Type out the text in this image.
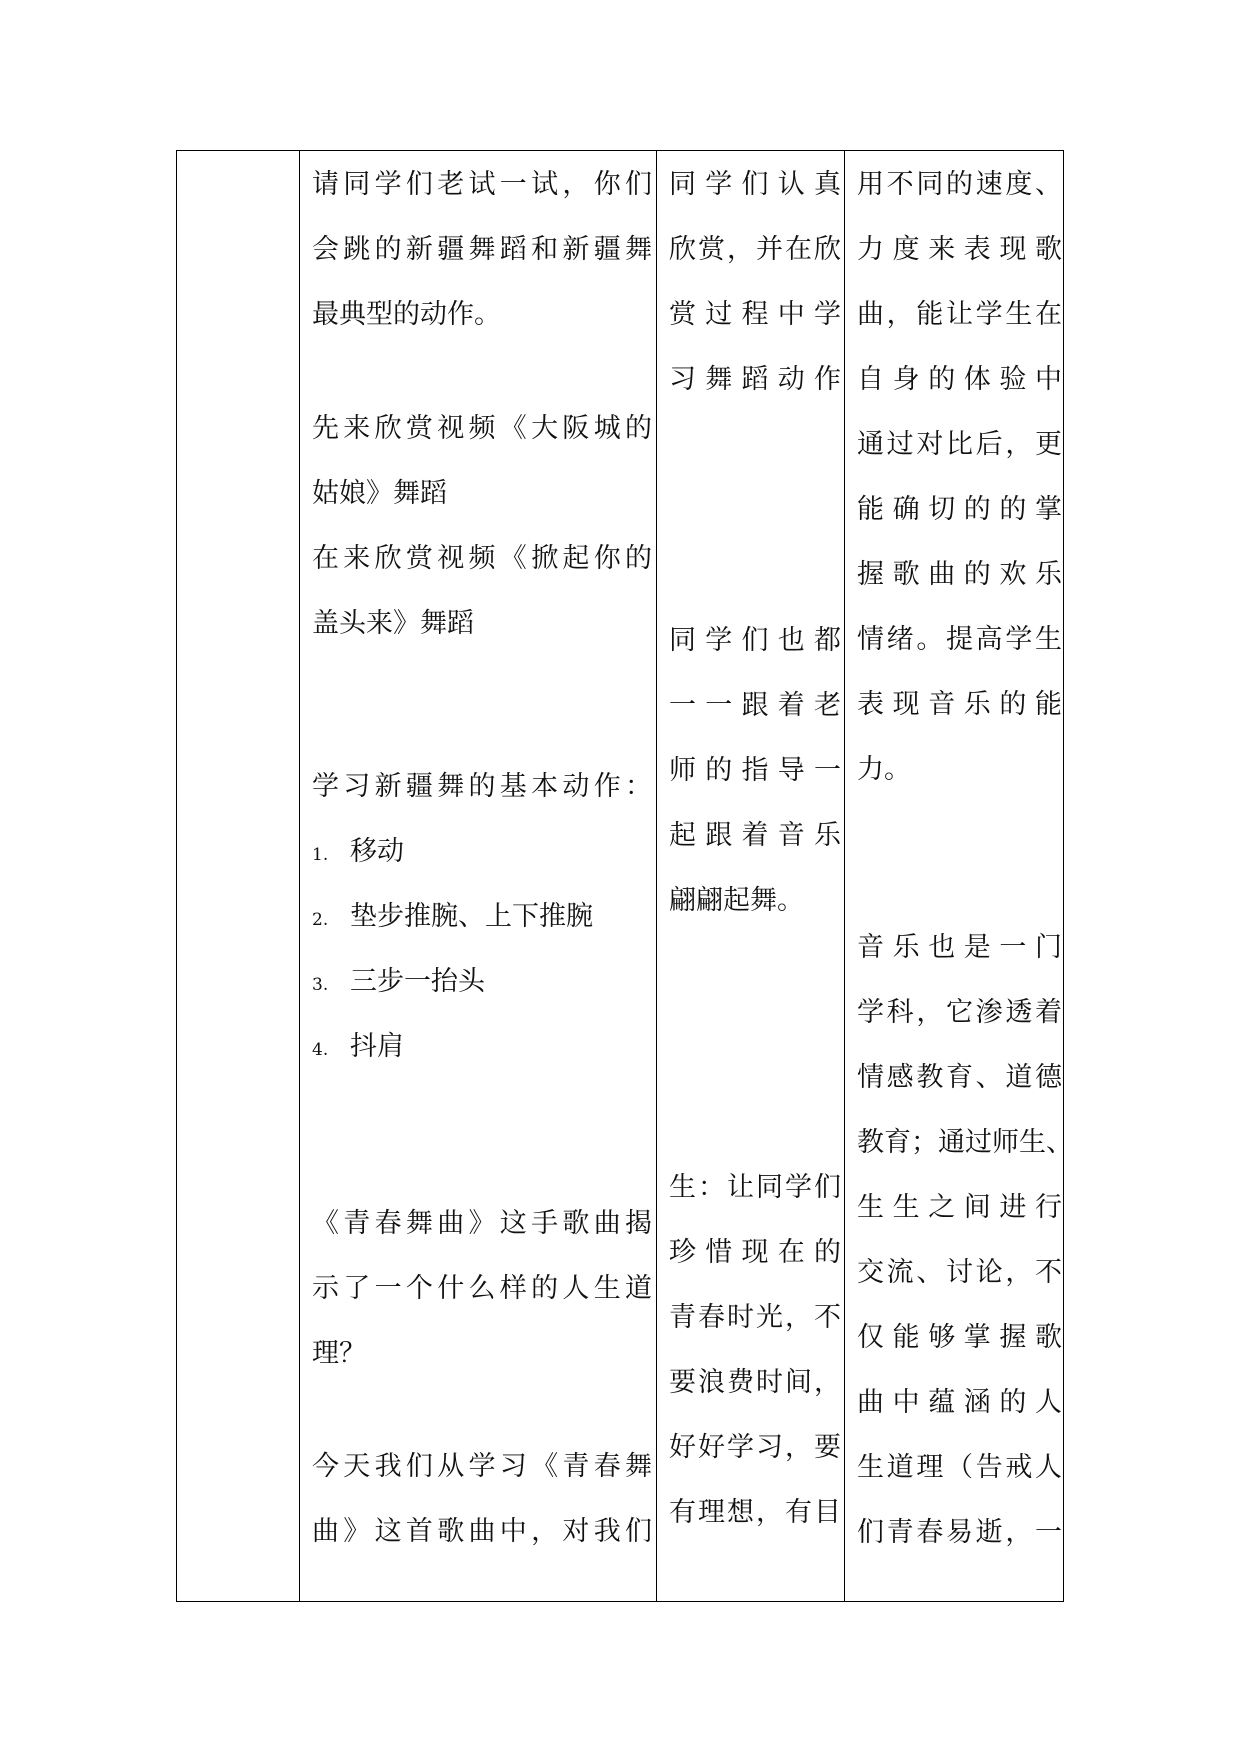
请同学们老试一试，你们
会跳的新疆舞蹈和新疆舞
最典型的动作。
先来欣赏视频《大阪城的
姑娘》舞蹈
在来欣赏视频《掀起你的
盖头来》舞蹈
学习新疆舞的基本动作：
1. 移动
2. 垫步推腕、上下推腕
3. 三步一抬头
4. 抖肩
《青春舞曲》这手歌曲揭
示了一个什么样的人生道
理？
今天我们从学习《青春舞
曲》这首歌曲中，对我们
同学们认真
欣赏，并在欣
赏过程中学
习舞蹈动作
同学们也都
一一跟着老
师的指导一
起跟着音乐
翩翩起舞。
生：让同学们
珍惜现在的
青春时光，不
要浪费时间，
好好学习，要
有理想，有目
用不同的速度、
力度来表现歌
曲，能让学生在
自身的体验中
通过对比后，更
能确切的的掌
握歌曲的欢乐
情绪。提高学生
表现音乐的能
力。
音乐也是一门
学科，它渗透着
情感教育、道德
教育；通过师生、
生生之间进行
交流、讨论，不
仅能够掌握歌
曲中蕴涵的人
生道理（告戒人
们青春易逝，一
